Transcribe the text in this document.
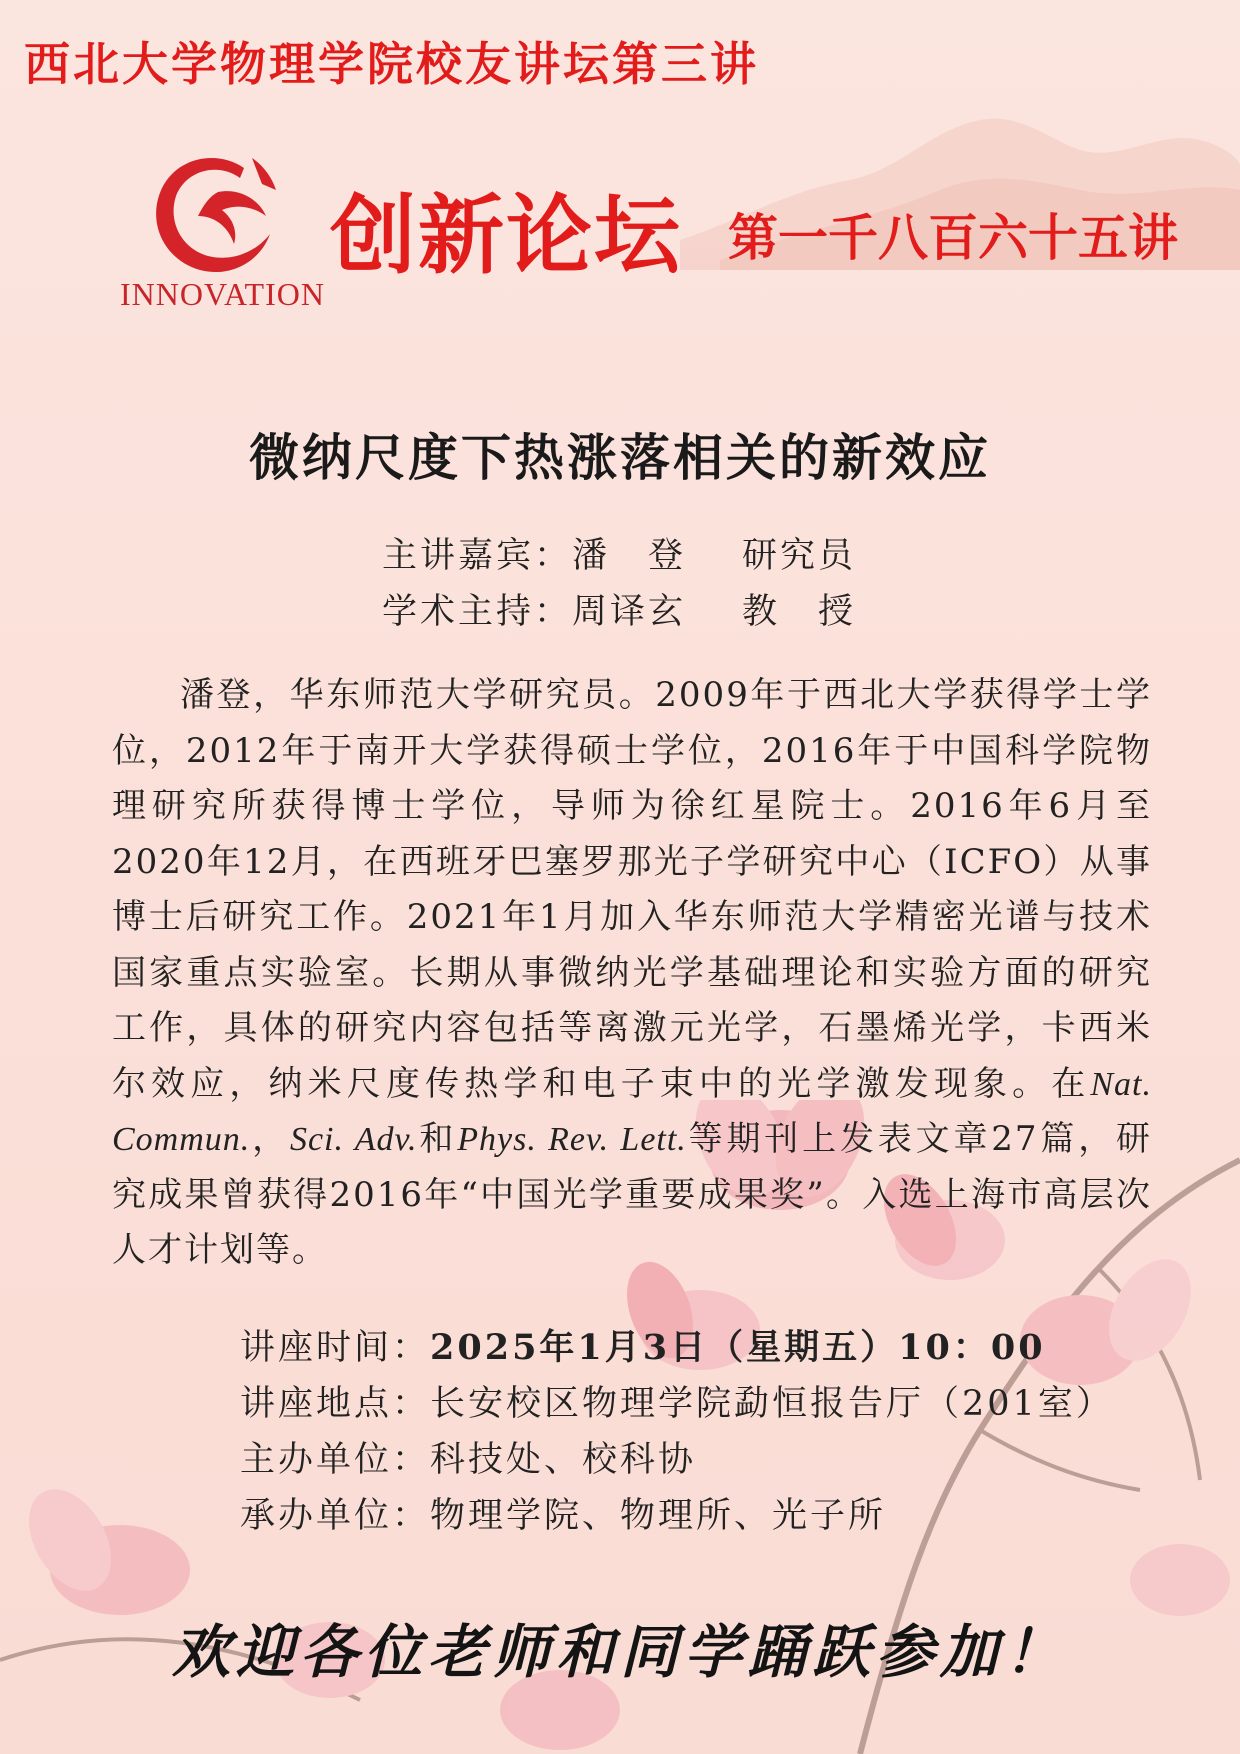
西北大学物理学院校友讲坛第三讲
INNOVATION
创新论坛 第一千八百六十五讲
微纳尺度下热涨落相关的新效应
主讲嘉宾：潘　登 研究员
学术主持：周译玄 教　授
潘登，华东师范大学研究员。2009年于西北大学获得学士学位，2012年于南开大学获得硕士学位，2016年于中国科学院物理研究所获得博士学位，导师为徐红星院士。2016年6月至2020年12月，在西班牙巴塞罗那光子学研究中心（ICFO）从事博士后研究工作。2021年1月加入华东师范大学精密光谱与技术国家重点实验室。长期从事微纳光学基础理论和实验方面的研究工作，具体的研究内容包括等离激元光学，石墨烯光学，卡西米尔效应，纳米尺度传热学和电子束中的光学激发现象。在Nat. Commun.，Sci. Adv.和Phys. Rev. Lett.等期刊上发表文章27篇，研究成果曾获得2016年“中国光学重要成果奖”。入选上海市高层次人才计划等。
讲座时间：2025年1月3日（星期五）10：00
讲座地点：长安校区物理学院勐恒报告厅（201室）
主办单位：科技处、校科协
承办单位：物理学院、物理所、光子所
欢迎各位老师和同学踊跃参加！
